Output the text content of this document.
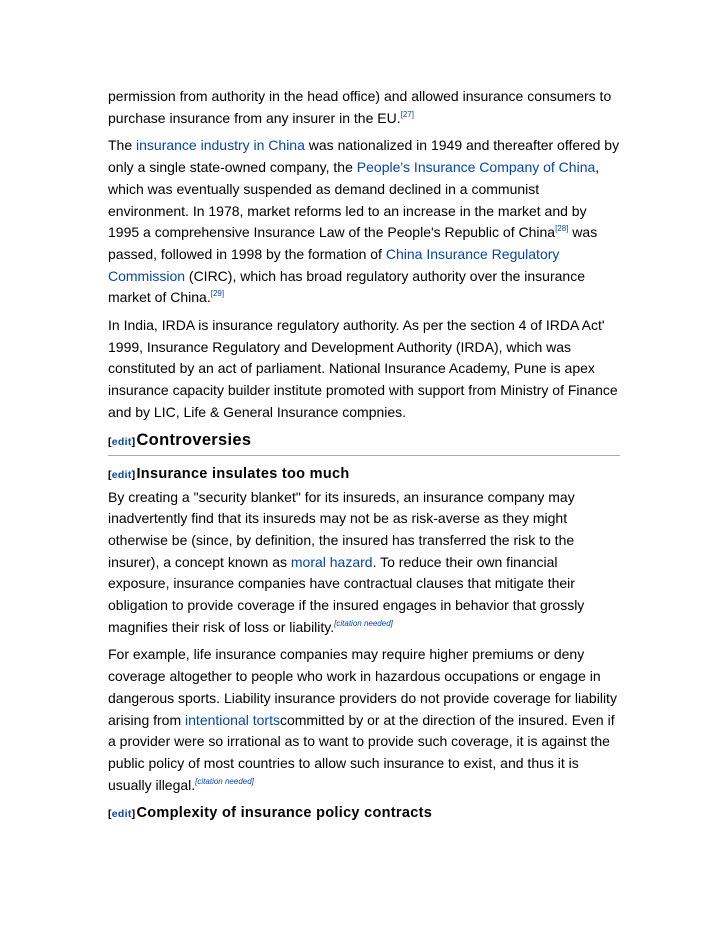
permission from authority in the head office) and allowed insurance consumers to purchase insurance from any insurer in the EU.[27]

The insurance industry in China was nationalized in 1949 and thereafter offered by only a single state-owned company, the People's Insurance Company of China, which was eventually suspended as demand declined in a communist environment. In 1978, market reforms led to an increase in the market and by 1995 a comprehensive Insurance Law of the People's Republic of China[28] was passed, followed in 1998 by the formation of China Insurance Regulatory Commission (CIRC), which has broad regulatory authority over the insurance market of China.[29]

In India, IRDA is insurance regulatory authority. As per the section 4 of IRDA Act' 1999, Insurance Regulatory and Development Authority (IRDA), which was constituted by an act of parliament. National Insurance Academy, Pune is apex insurance capacity builder institute promoted with support from Ministry of Finance and by LIC, Life & General Insurance compnies.

[edit]Controversies
[edit]Insurance insulates too much

By creating a "security blanket" for its insureds, an insurance company may inadvertently find that its insureds may not be as risk-averse as they might otherwise be (since, by definition, the insured has transferred the risk to the insurer), a concept known as moral hazard. To reduce their own financial exposure, insurance companies have contractual clauses that mitigate their obligation to provide coverage if the insured engages in behavior that grossly magnifies their risk of loss or liability.[citation needed]

For example, life insurance companies may require higher premiums or deny coverage altogether to people who work in hazardous occupations or engage in dangerous sports. Liability insurance providers do not provide coverage for liability arising from intentional tortscommitted by or at the direction of the insured. Even if a provider were so irrational as to want to provide such coverage, it is against the public policy of most countries to allow such insurance to exist, and thus it is usually illegal.[citation needed]

[edit]Complexity of insurance policy contracts
